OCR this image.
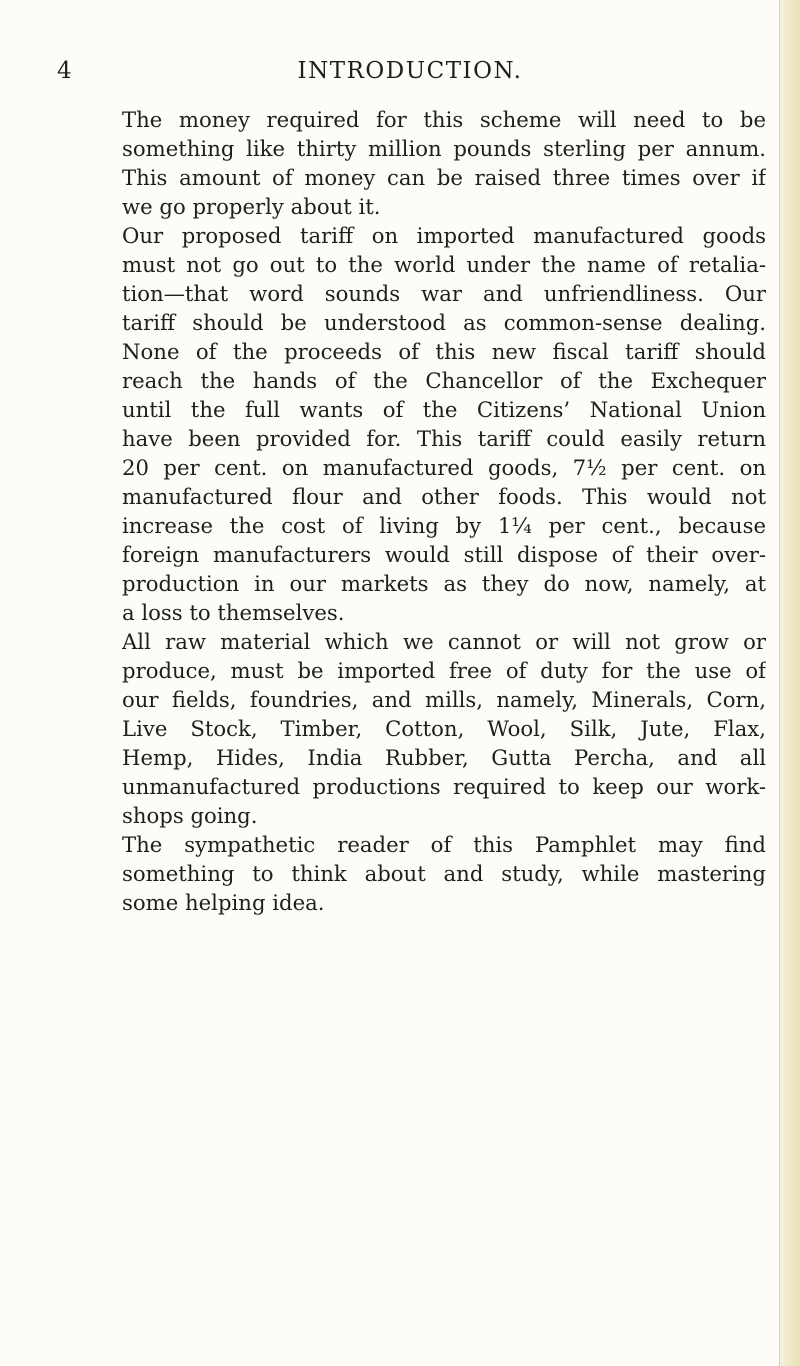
4	INTRODUCTION.
The money required for this scheme will need to be
something like thirty million pounds sterling per annum.
This amount of money can be raised three times over if
we go properly about it.
Our proposed tariff on imported manufactured goods
must not go out to the world under the name of retalia-
tion—that word sounds war and unfriendliness. Our
tariff should be understood as common-sense dealing.
None of the proceeds of this new fiscal tariff should
reach the hands of the Chancellor of the Exchequer
until the full wants of the Citizens’ National Union
have been provided for. This tariff could easily return
20 per cent. on manufactured goods, 7½ per cent. on
manufactured flour and other foods. This would not
increase the cost of living by 1¼ per cent., because
foreign manufacturers would still dispose of their over-
production in our markets as they do now, namely, at
a loss to themselves.
All raw material which we cannot or will not grow or
produce, must be imported free of duty for the use of
our fields, foundries, and mills, namely, Minerals, Corn,
Live Stock, Timber, Cotton, Wool, Silk, Jute, Flax,
Hemp, Hides, India Rubber, Gutta Percha, and all
unmanufactured productions required to keep our work-
shops going.
The sympathetic reader of this Pamphlet may find
something to think about and study, while mastering
some helping idea.
